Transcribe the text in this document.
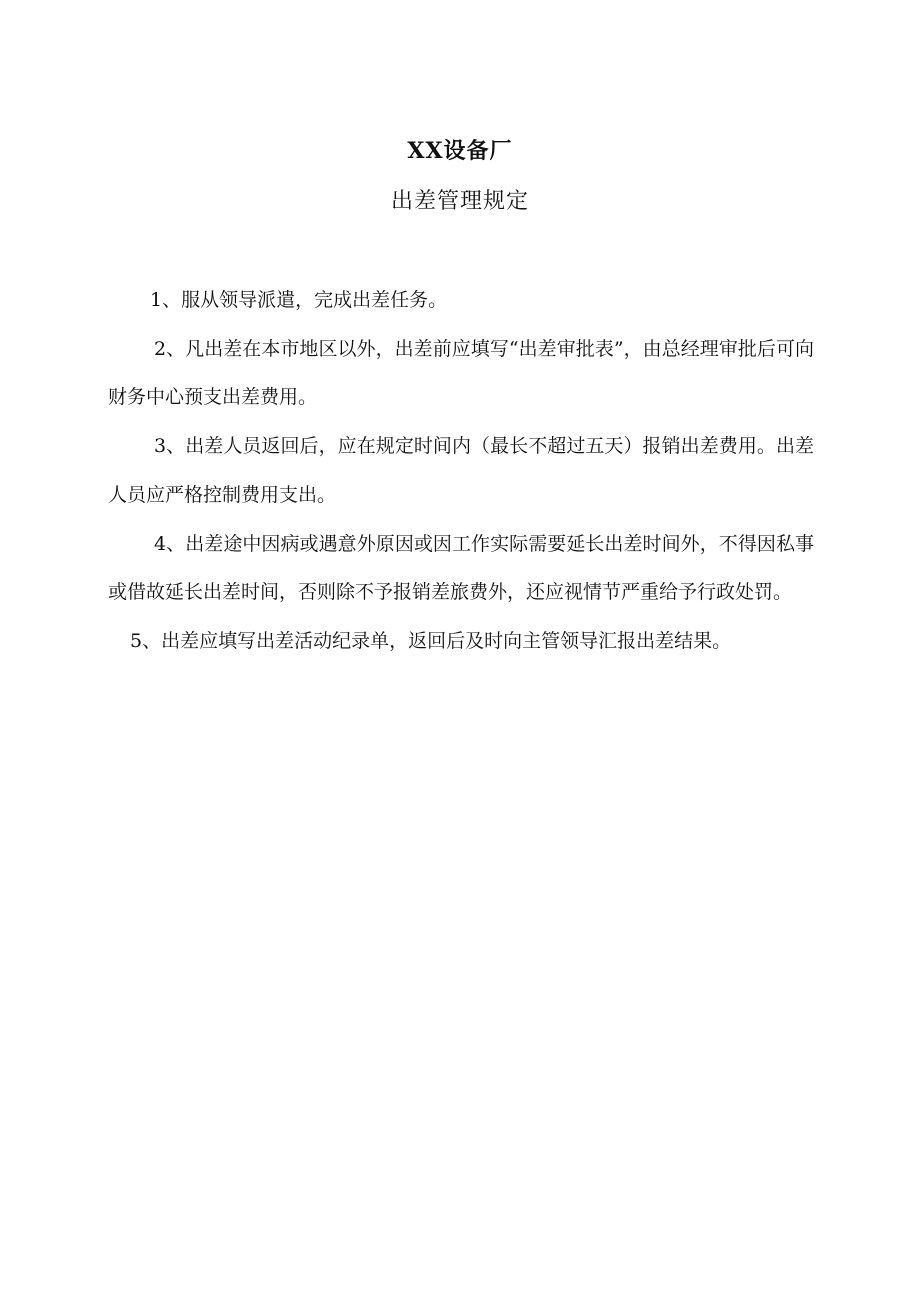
XX设备厂
出差管理规定

1、服从领导派遣，完成出差任务。

2、凡出差在本市地区以外，出差前应填写“出差审批表”，由总经理审批后可向财务中心预支出差费用。

3、出差人员返回后，应在规定时间内（最长不超过五天）报销出差费用。出差人员应严格控制费用支出。

4、出差途中因病或遇意外原因或因工作实际需要延长出差时间外，不得因私事或借故延长出差时间，否则除不予报销差旅费外，还应视情节严重给予行政处罚。

5、出差应填写出差活动纪录单，返回后及时向主管领导汇报出差结果。
